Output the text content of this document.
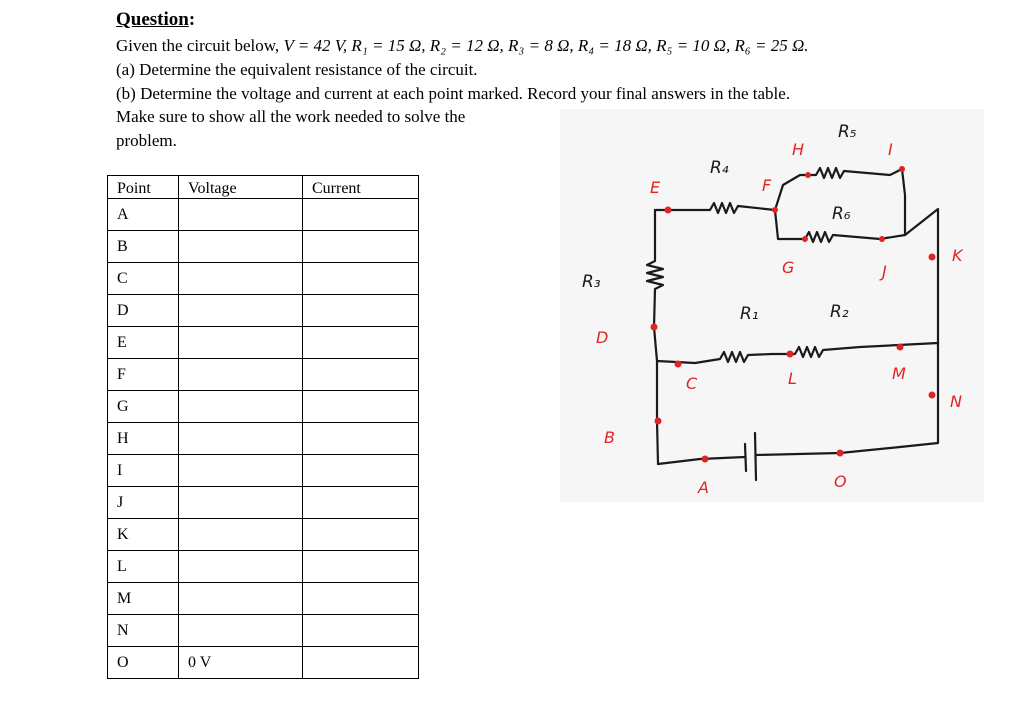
Question:
Given the circuit below, V = 42 V, R₁ = 15 Ω, R₂ = 12 Ω, R₃ = 8 Ω, R₄ = 18 Ω, R₅ = 10 Ω, R₆ = 25 Ω.
(a) Determine the equivalent resistance of the circuit.
(b) Determine the voltage and current at each point marked. Record your final answers in the table.
Make sure to show all the work needed to solve the
problem.
Point	Voltage	Current
A		
B		
C		
D		
E		
F		
G		
H		
I		
J		
K		
L		
M		
N		
O	0 V	
R₄
R₅
R₆
R₃
R₁	R₂
E	F
H	I
G	J
K
D
C	L	M
N
B
A	O
